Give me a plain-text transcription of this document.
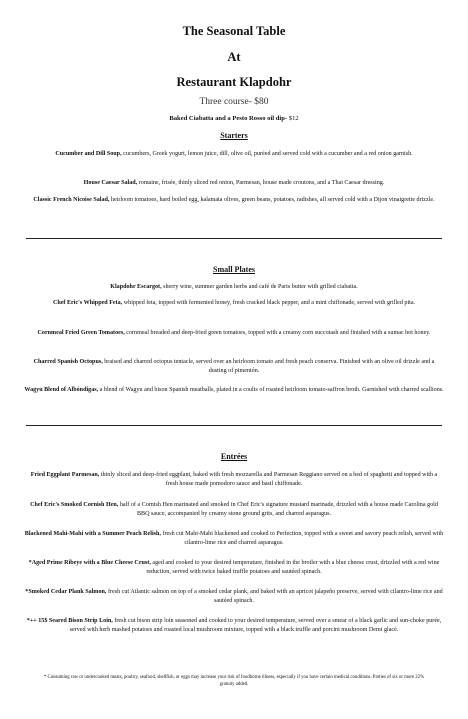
The Seasonal Table
At
Restaurant Klapdohr
Three course- $80
Baked Ciabatta and a Pesto Rosso oil dip- $12
Starters
Cucumber and Dill Soup, cucumbers, Greek yogurt, lemon juice, dill, olive oil, puréed and served cold with a cucumber and a red onion garnish.
House Caesar Salad, romaine, frisée, thinly sliced red onion, Parmesan, house made croutons, and a Thai Caesar dressing.
Classic French Nicoise Salad, heirloom tomatoes, hard boiled egg, kalamata olives, green beans, potatoes, radishes, all served cold with a Dijon vinaigrette drizzle.
Small Plates
Klapdohr Escargot, sherry wine, summer garden herbs and café de Paris butter with grilled ciabatta.
Chef Eric's Whipped Feta, whipped feta, topped with fermented honey, fresh cracked black pepper, and a mint chiffonade, served with grilled pita.
Cornmeal Fried Green Tomatoes, cornmeal breaded and deep-fried green tomatoes, topped with a creamy corn succotash and finished with a sumac hot honey.
Charred Spanish Octopus, braised and charred octopus tentacle, served over an heirloom tomato and fresh peach conserva. Finished with an olive oil drizzle and a dusting of pimentón.
Wagyu Blend of Albóndigas, a blend of Wagyu and bison Spanish meatballs, plated in a coulis of roasted heirloom tomato-saffron broth. Garnished with charred scallions.
Entrées
Fried Eggplant Parmesan, thinly sliced and deep-fried eggplant, baked with fresh mozzarella and Parmesan Reggiano served on a bed of spaghetti and topped with a fresh house made pomodoro sauce and basil chiffonade.
Chef Eric's Smoked Cornish Hen, half of a Cornish Hen marinated and smoked in Chef Eric's signature mustard marinade, drizzled with a house made Carolina gold BBQ sauce, accompanied by creamy stone ground grits, and charred asparagus.
Blackened Mahi-Mahi with a Summer Peach Relish, fresh cut Mahi-Mahi blackened and cooked to Perfection, topped with a sweet and savory peach relish, served with cilantro-lime rice and charred asparagus.
*Aged Prime Ribeye with a Blue Cheese Crust, aged and cooked to your desired temperature, finished in the broiler with a blue cheese crust, drizzled with a red wine reduction, served with twice baked truffle potatoes and sautéed spinach.
*Smoked Cedar Plank Salmon, fresh cut Atlantic salmon on top of a smoked cedar plank, and baked with an apricot jalapeño preserve, served with cilantro-lime rice and sautéed spinach.
*++ 15$ Seared Bison Strip Loin, fresh cut bison strip loin seasoned and cooked to your desired temperature, served over a smear of a black garlic and sun-choke purée, served with herb mashed potatoes and roasted local mushroom mixture, topped with a black truffle and porcini mushroom Demi glacé.
* Consuming raw or undercooked meats, poultry, seafood, shellfish, or eggs may increase your risk of foodborne illness, especially if you have certain medical conditions. Parties of six or more 22% gratuity added.
